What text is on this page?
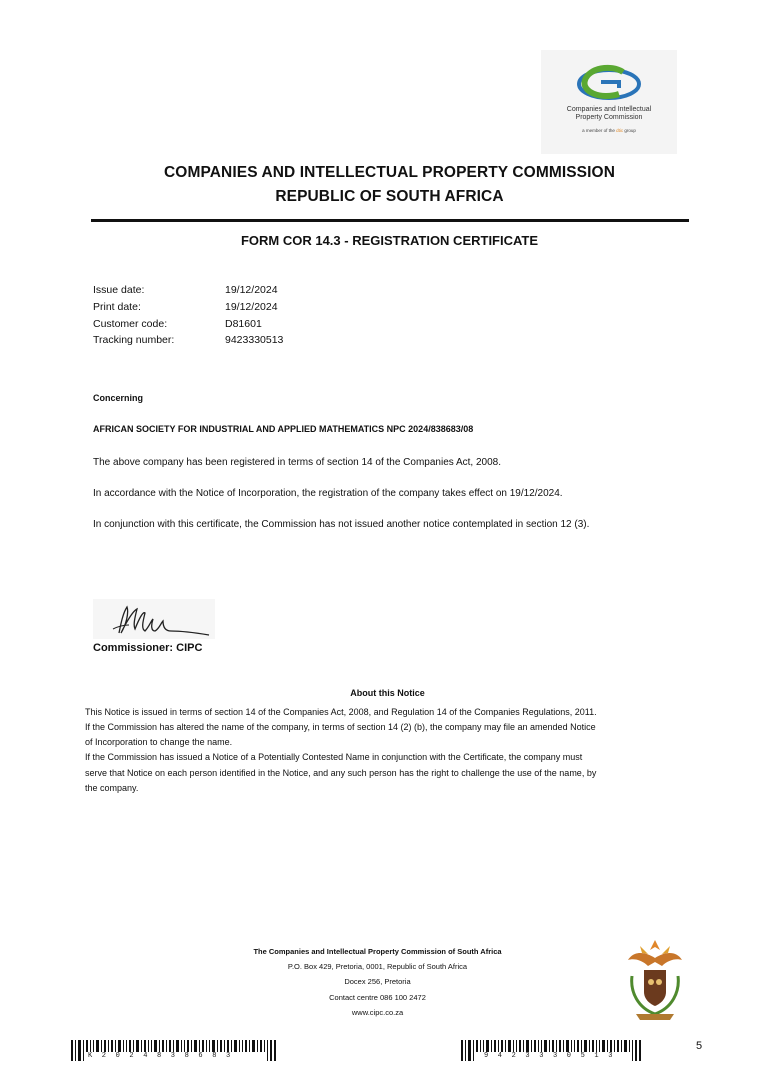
Companies and Intellectual
Property Commission
a member of the dtic group
COMPANIES AND INTELLECTUAL PROPERTY COMMISSION
REPUBLIC OF SOUTH AFRICA
FORM COR 14.3 - REGISTRATION CERTIFICATE
Issue date:	19/12/2024
Print date:	19/12/2024
Customer code:	D81601
Tracking number:	9423330513
Concerning
AFRICAN SOCIETY FOR INDUSTRIAL AND APPLIED MATHEMATICS NPC 2024/838683/08
The above company has been registered in terms of section 14 of the Companies Act, 2008.
In accordance with the Notice of Incorporation, the registration of the company takes effect on 19/12/2024.
In conjunction with this certificate, the Commission has not issued another notice contemplated in section 12 (3).
Commissioner: CIPC
About this Notice
This Notice is issued in terms of section 14 of the Companies Act, 2008, and Regulation 14 of the Companies Regulations, 2011.
If the Commission has altered the name of the company, in terms of section 14 (2) (b), the company may file an amended Notice
of Incorporation to change the name.
If the Commission has issued a Notice of a Potentially Contested Name in conjunction with the Certificate, the company must
serve that Notice on each person identified in the Notice, and any such person has the right to challenge the use of the name, by
the company.
The Companies and Intellectual Property Commission of South Africa
P.O. Box 429, Pretoria, 0001, Republic of South Africa
Docex 256, Pretoria
Contact centre 086 100 2472
www.cipc.co.za
K2024838683	9423330513
5
